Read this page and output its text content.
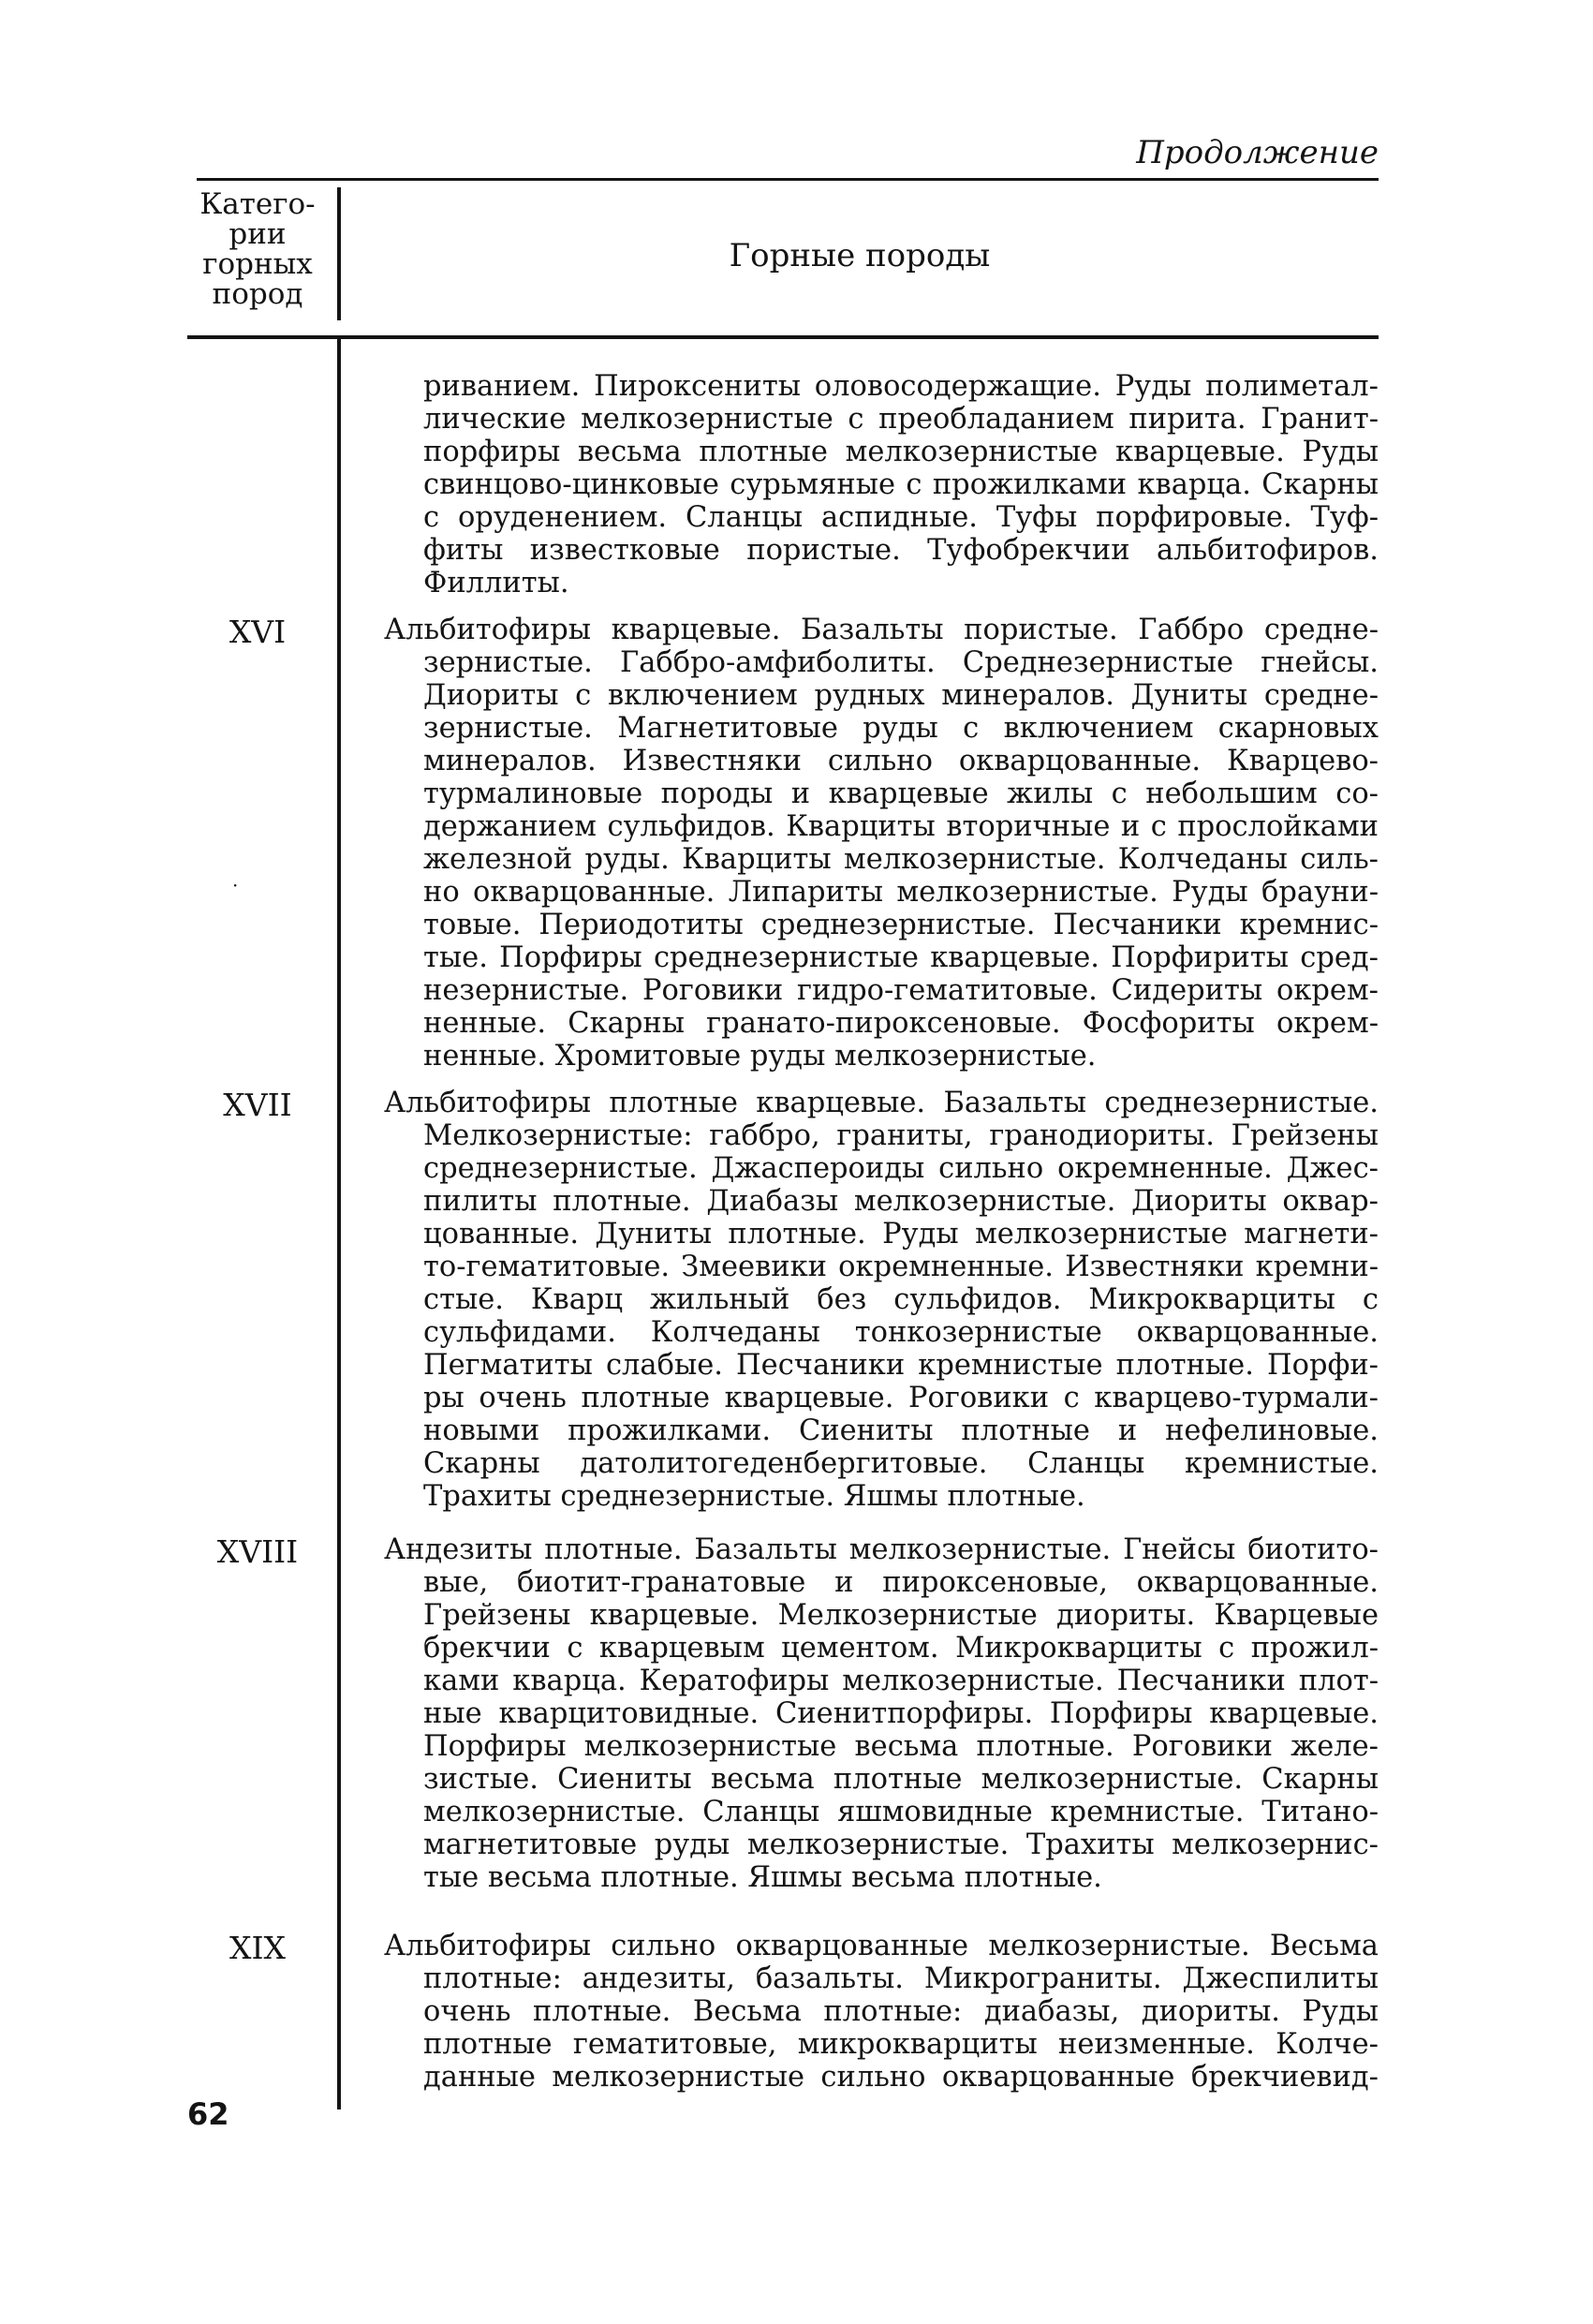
Продолжение
Катего-
рии
горных
пород
Горные породы
XVI
XVII
XVIII
XIX
·
риванием. Пироксениты оловосодержащие. Руды полиметал-
лические мелкозернистые с преобладанием пирита. Гранит-
порфиры весьма плотные мелкозернистые кварцевые. Руды
свинцово-цинковые сурьмяные с прожилками кварца. Скарны
с оруденением. Сланцы аспидные. Туфы порфировые. Туф-
фиты известковые пористые. Туфобрекчии альбитофиров.
Филлиты.
Альбитофиры кварцевые. Базальты пористые. Габбро средне-
зернистые. Габбро-амфиболиты. Среднезернистые гнейсы.
Диориты с включением рудных минералов. Дуниты средне-
зернистые. Магнетитовые руды с включением скарновых
минералов. Известняки сильно окварцованные. Кварцево-
турмалиновые породы и кварцевые жилы с небольшим со-
держанием сульфидов. Кварциты вторичные и с прослойками
железной руды. Кварциты мелкозернистые. Колчеданы силь-
но окварцованные. Липариты мелкозернистые. Руды брауни-
товые. Периодотиты среднезернистые. Песчаники кремнис-
тые. Порфиры среднезернистые кварцевые. Порфириты сред-
незернистые. Роговики гидро-гематитовые. Сидериты окрем-
ненные. Скарны гранато-пироксеновые. Фосфориты окрем-
ненные. Хромитовые руды мелкозернистые.
Альбитофиры плотные кварцевые. Базальты среднезернистые.
Мелкозернистые: габбро, граниты, гранодиориты. Грейзены
среднезернистые. Джаспероиды сильно окремненные. Джес-
пилиты плотные. Диабазы мелкозернистые. Диориты оквар-
цованные. Дуниты плотные. Руды мелкозернистые магнети-
то-гематитовые. Змеевики окремненные. Известняки кремни-
стые. Кварц жильный без сульфидов. Микрокварциты с
сульфидами. Колчеданы тонкозернистые окварцованные.
Пегматиты слабые. Песчаники кремнистые плотные. Порфи-
ры очень плотные кварцевые. Роговики с кварцево-турмали-
новыми прожилками. Сиениты плотные и нефелиновые.
Скарны датолитогеденбергитовые. Сланцы кремнистые.
Трахиты среднезернистые. Яшмы плотные.
Андезиты плотные. Базальты мелкозернистые. Гнейсы биотито-
вые, биотит-гранатовые и пироксеновые, окварцованные.
Грейзены кварцевые. Мелкозернистые диориты. Кварцевые
брекчии с кварцевым цементом. Микрокварциты с прожил-
ками кварца. Кератофиры мелкозернистые. Песчаники плот-
ные кварцитовидные. Сиенитпорфиры. Порфиры кварцевые.
Порфиры мелкозернистые весьма плотные. Роговики желе-
зистые. Сиениты весьма плотные мелкозернистые. Скарны
мелкозернистые. Сланцы яшмовидные кремнистые. Титано-
магнетитовые руды мелкозернистые. Трахиты мелкозернис-
тые весьма плотные. Яшмы весьма плотные.
Альбитофиры сильно окварцованные мелкозернистые. Весьма
плотные: андезиты, базальты. Микрограниты. Джеспилиты
очень плотные. Весьма плотные: диабазы, диориты. Руды
плотные гематитовые, микрокварциты неизменные. Колче-
данные мелкозернистые сильно окварцованные брекчиевид-
62
